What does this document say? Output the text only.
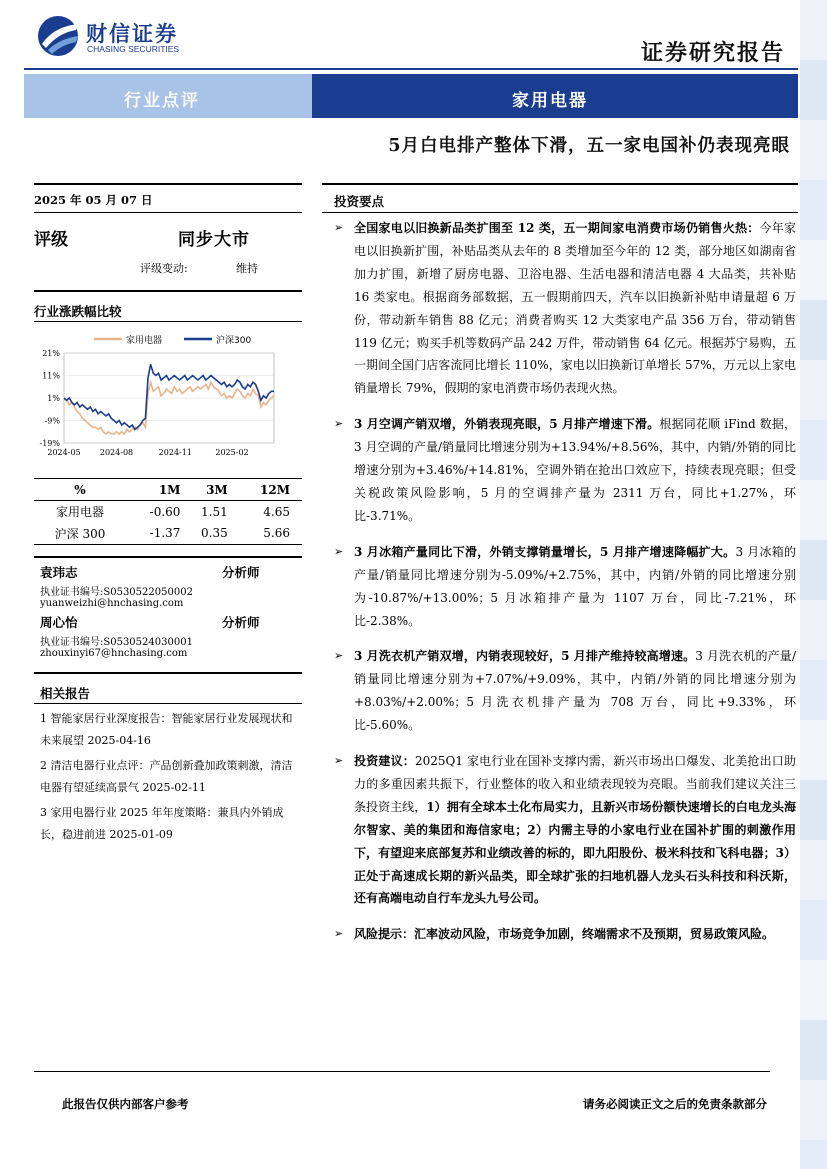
财信证券
CHASING SECURITIES	证券研究报告
行业点评	家用电器
5月白电排产整体下滑，五一家电国补仍表现亮眼
2025 年 05 月 07 日
评级	同步大市
评级变动:	维持
行业涨跌幅比较
21%
11%
1%
-9%
-19%
2024-05 2024-08	2024-11	2025-02
家用电器	沪深300
%	1M	3M	12M
家用电器	-0.60	1.51	4.65
沪深 300	-1.37	0.35	5.66
袁玮志	分析师
执业证书编号:S0530522050002
yuanweizhi@hnchasing.com
周心怡	分析师
执业证书编号:S0530524030001
zhouxinyi67@hnchasing.com
相关报告
1 智能家居行业深度报告：智能家居行业发展现状和未来展望 2025-04-16
2 清洁电器行业点评：产品创新叠加政策刺激，清洁电器有望延续高景气 2025-02-11
3 家用电器行业 2025 年年度策略：兼具内外销成长，稳进前进 2025-01-09
投资要点
➢ 全国家电以旧换新品类扩围至 12 类，五一期间家电消费市场仍销售火热：今年家电以旧换新扩围，补贴品类从去年的 8 类增加至今年的 12 类，部分地区如湖南省加力扩围，新增了厨房电器、卫浴电器、生活电器和清洁电器 4 大品类，共补贴 16 类家电。根据商务部数据，五一假期前四天，汽车以旧换新补贴申请量超 6 万份，带动新车销售 88 亿元；消费者购买 12 大类家电产品 356 万台，带动销售 119 亿元；购买手机等数码产品 242 万件，带动销售 64 亿元。根据苏宁易购，五一期间全国门店客流同比增长 110%，家电以旧换新订单增长 57%，万元以上家电销量增长 79%，假期的家电消费市场仍表现火热。
➢ 3 月空调产销双增，外销表现亮眼，5 月排产增速下滑。根据同花顺 iFind 数据，3 月空调的产量/销量同比增速分别为+13.94%/+8.56%，其中，内销/外销的同比增速分别为+3.46%/+14.81%，空调外销在抢出口效应下，持续表现亮眼；但受关税政策风险影响，5 月的空调排产量为 2311 万台，同比+1.27%，环比-3.71%。
➢ 3 月冰箱产量同比下滑，外销支撑销量增长，5 月排产增速降幅扩大。3 月冰箱的产量/销量同比增速分别为-5.09%/+2.75%，其中，内销/外销的同比增速分别为-10.87%/+13.00%；5 月冰箱排产量为 1107 万台，同比-7.21%，环比-2.38%。
➢ 3 月洗衣机产销双增，内销表现较好，5 月排产维持较高增速。3 月洗衣机的产量/销量同比增速分别为+7.07%/+9.09%，其中，内销/外销的同比增速分别为+8.03%/+2.00%；5 月洗衣机排产量为 708 万台，同比+9.33%，环比-5.60%。
➢ 投资建议：2025Q1 家电行业在国补支撑内需，新兴市场出口爆发、北美抢出口助力的多重因素共振下，行业整体的收入和业绩表现较为亮眼。当前我们建议关注三条投资主线，1）拥有全球本土化布局实力，且新兴市场份额快速增长的白电龙头海尔智家、美的集团和海信家电；2）内需主导的小家电行业在国补扩围的刺激作用下，有望迎来底部复苏和业绩改善的标的，即九阳股份、极米科技和飞科电器；3）正处于高速成长期的新兴品类，即全球扩张的扫地机器人龙头石头科技和科沃斯，还有高端电动自行车龙头九号公司。
➢ 风险提示：汇率波动风险，市场竞争加剧，终端需求不及预期，贸易政策风险。
此报告仅供内部客户参考	请务必阅读正文之后的免责条款部分
